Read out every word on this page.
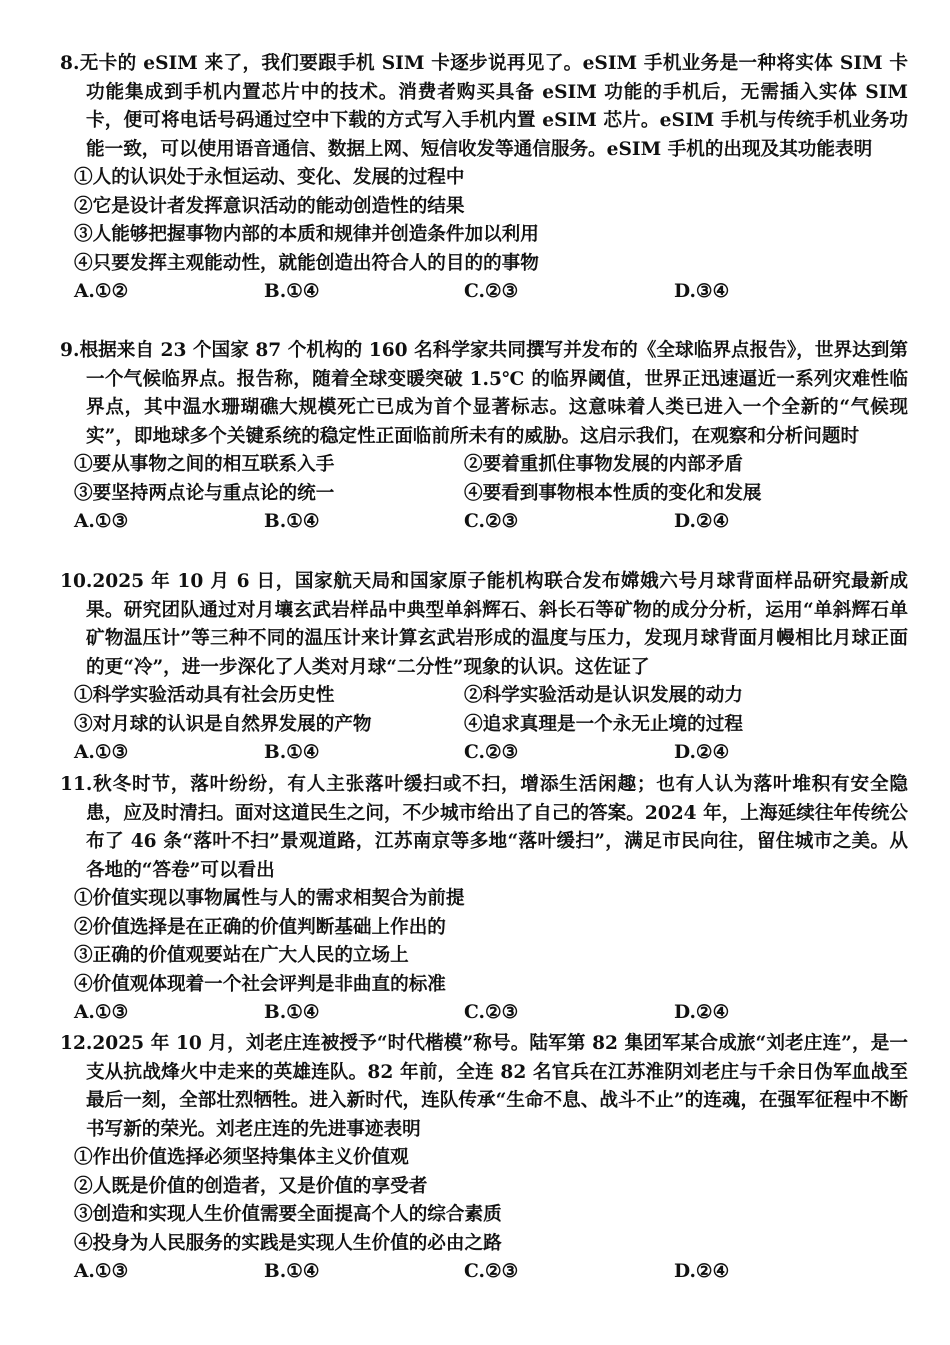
8.无卡的 eSIM 来了，我们要跟手机 SIM 卡逐步说再见了。eSIM 手机业务是一种将实体 SIM 卡功能集成到手机内置芯片中的技术。消费者购买具备 eSIM 功能的手机后，无需插入实体 SIM 卡，便可将电话号码通过空中下载的方式写入手机内置 eSIM 芯片。eSIM 手机与传统手机业务功能一致，可以使用语音通信、数据上网、短信收发等通信服务。eSIM 手机的出现及其功能表明

①人的认识处于永恒运动、变化、发展的过程中
②它是设计者发挥意识活动的能动创造性的结果
③人能够把握事物内部的本质和规律并创造条件加以利用
④只要发挥主观能动性，就能创造出符合人的目的的事物
A.①②	B.①④	C.②③	D.③④

9.根据来自 23 个国家 87 个机构的 160 名科学家共同撰写并发布的《全球临界点报告》，世界达到第一个气候临界点。报告称，随着全球变暖突破 1.5℃ 的临界阈值，世界正迅速逼近一系列灾难性临界点，其中温水珊瑚礁大规模死亡已成为首个显著标志。这意味着人类已进入一个全新的“气候现实”，即地球多个关键系统的稳定性正面临前所未有的威胁。这启示我们，在观察和分析问题时

①要从事物之间的相互联系入手	②要着重抓住事物发展的内部矛盾
③要坚持两点论与重点论的统一	④要看到事物根本性质的变化和发展
A.①③	B.①④	C.②③	D.②④

10.2025 年 10 月 6 日，国家航天局和国家原子能机构联合发布嫦娥六号月球背面样品研究最新成果。研究团队通过对月壤玄武岩样品中典型单斜辉石、斜长石等矿物的成分分析，运用“单斜辉石单矿物温压计”等三种不同的温压计来计算玄武岩形成的温度与压力，发现月球背面月幔相比月球正面的更“冷”，进一步深化了人类对月球“二分性”现象的认识。这佐证了

①科学实验活动具有社会历史性	②科学实验活动是认识发展的动力
③对月球的认识是自然界发展的产物	④追求真理是一个永无止境的过程
A.①③	B.①④	C.②③	D.②④

11.秋冬时节，落叶纷纷，有人主张落叶缓扫或不扫，增添生活闲趣；也有人认为落叶堆积有安全隐患，应及时清扫。面对这道民生之问，不少城市给出了自己的答案。2024 年，上海延续往年传统公布了 46 条“落叶不扫”景观道路，江苏南京等多地“落叶缓扫”，满足市民向往，留住城市之美。从各地的“答卷”可以看出

①价值实现以事物属性与人的需求相契合为前提
②价值选择是在正确的价值判断基础上作出的
③正确的价值观要站在广大人民的立场上
④价值观体现着一个社会评判是非曲直的标准
A.①③	B.①④	C.②③	D.②④

12.2025 年 10 月，刘老庄连被授予“时代楷模”称号。陆军第 82 集团军某合成旅“刘老庄连”，是一支从抗战烽火中走来的英雄连队。82 年前，全连 82 名官兵在江苏淮阴刘老庄与千余日伪军血战至最后一刻，全部壮烈牺牲。进入新时代，连队传承“生命不息、战斗不止”的连魂，在强军征程中不断书写新的荣光。刘老庄连的先进事迹表明

①作出价值选择必须坚持集体主义价值观
②人既是价值的创造者，又是价值的享受者
③创造和实现人生价值需要全面提高个人的综合素质
④投身为人民服务的实践是实现人生价值的必由之路
A.①③	B.①④	C.②③	D.②④
